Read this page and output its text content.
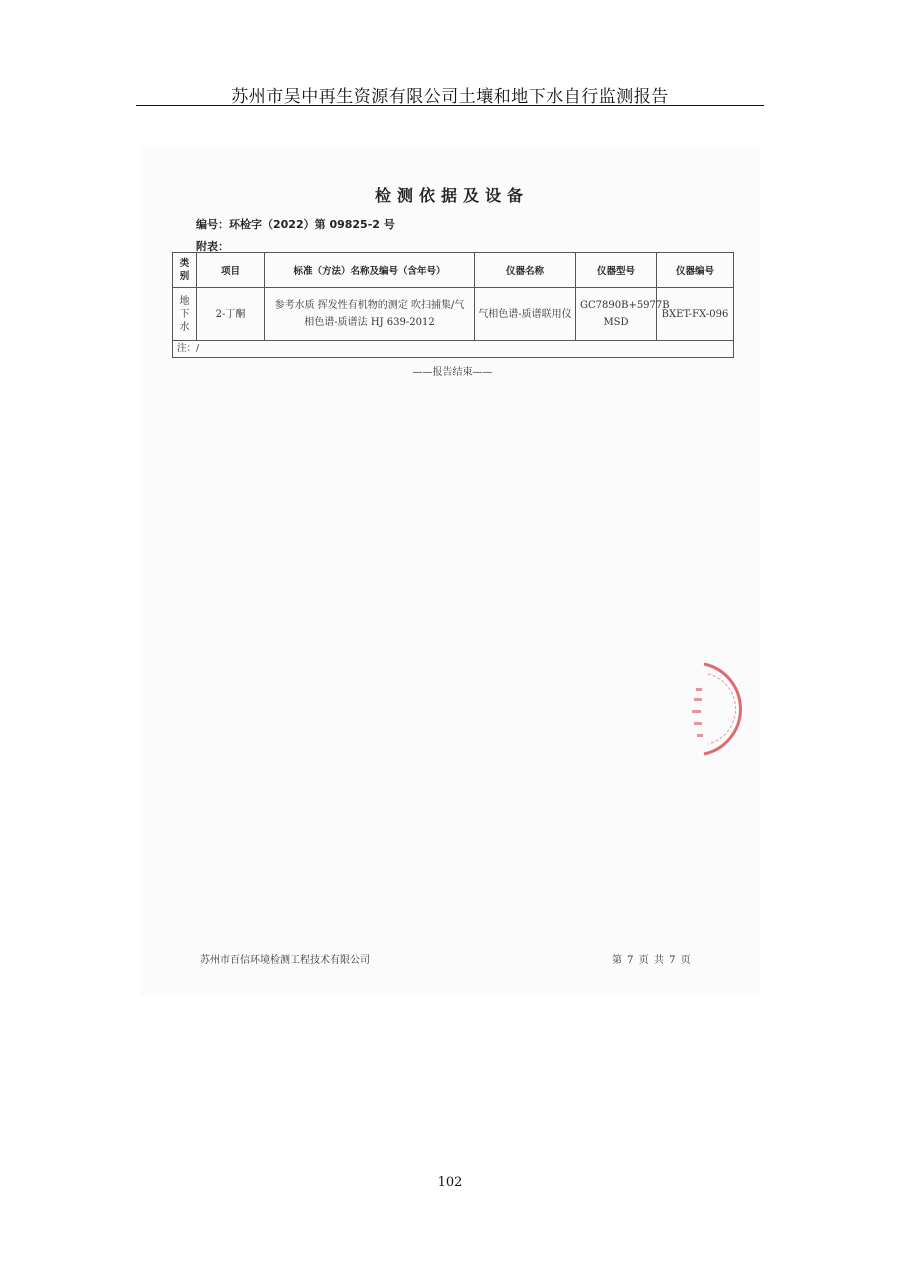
苏州市吴中再生资源有限公司土壤和地下水自行监测报告
检测依据及设备
编号：环检字（2022）第 09825-2 号
附表：
类别	项目	标准（方法）名称及编号（含年号）	仪器名称	仪器型号	仪器编号

地下水	2-丁酮	参考水质 挥发性有机物的测定 吹扫捕集/气相色谱-质谱法 HJ 639-2012	气相色谱-质谱联用仪	GC7890B+5977B MSD	BXET-FX-096
注：/					
——报告结束——
苏州市百信环境检测工程技术有限公司	第 7 页 共 7 页
102
